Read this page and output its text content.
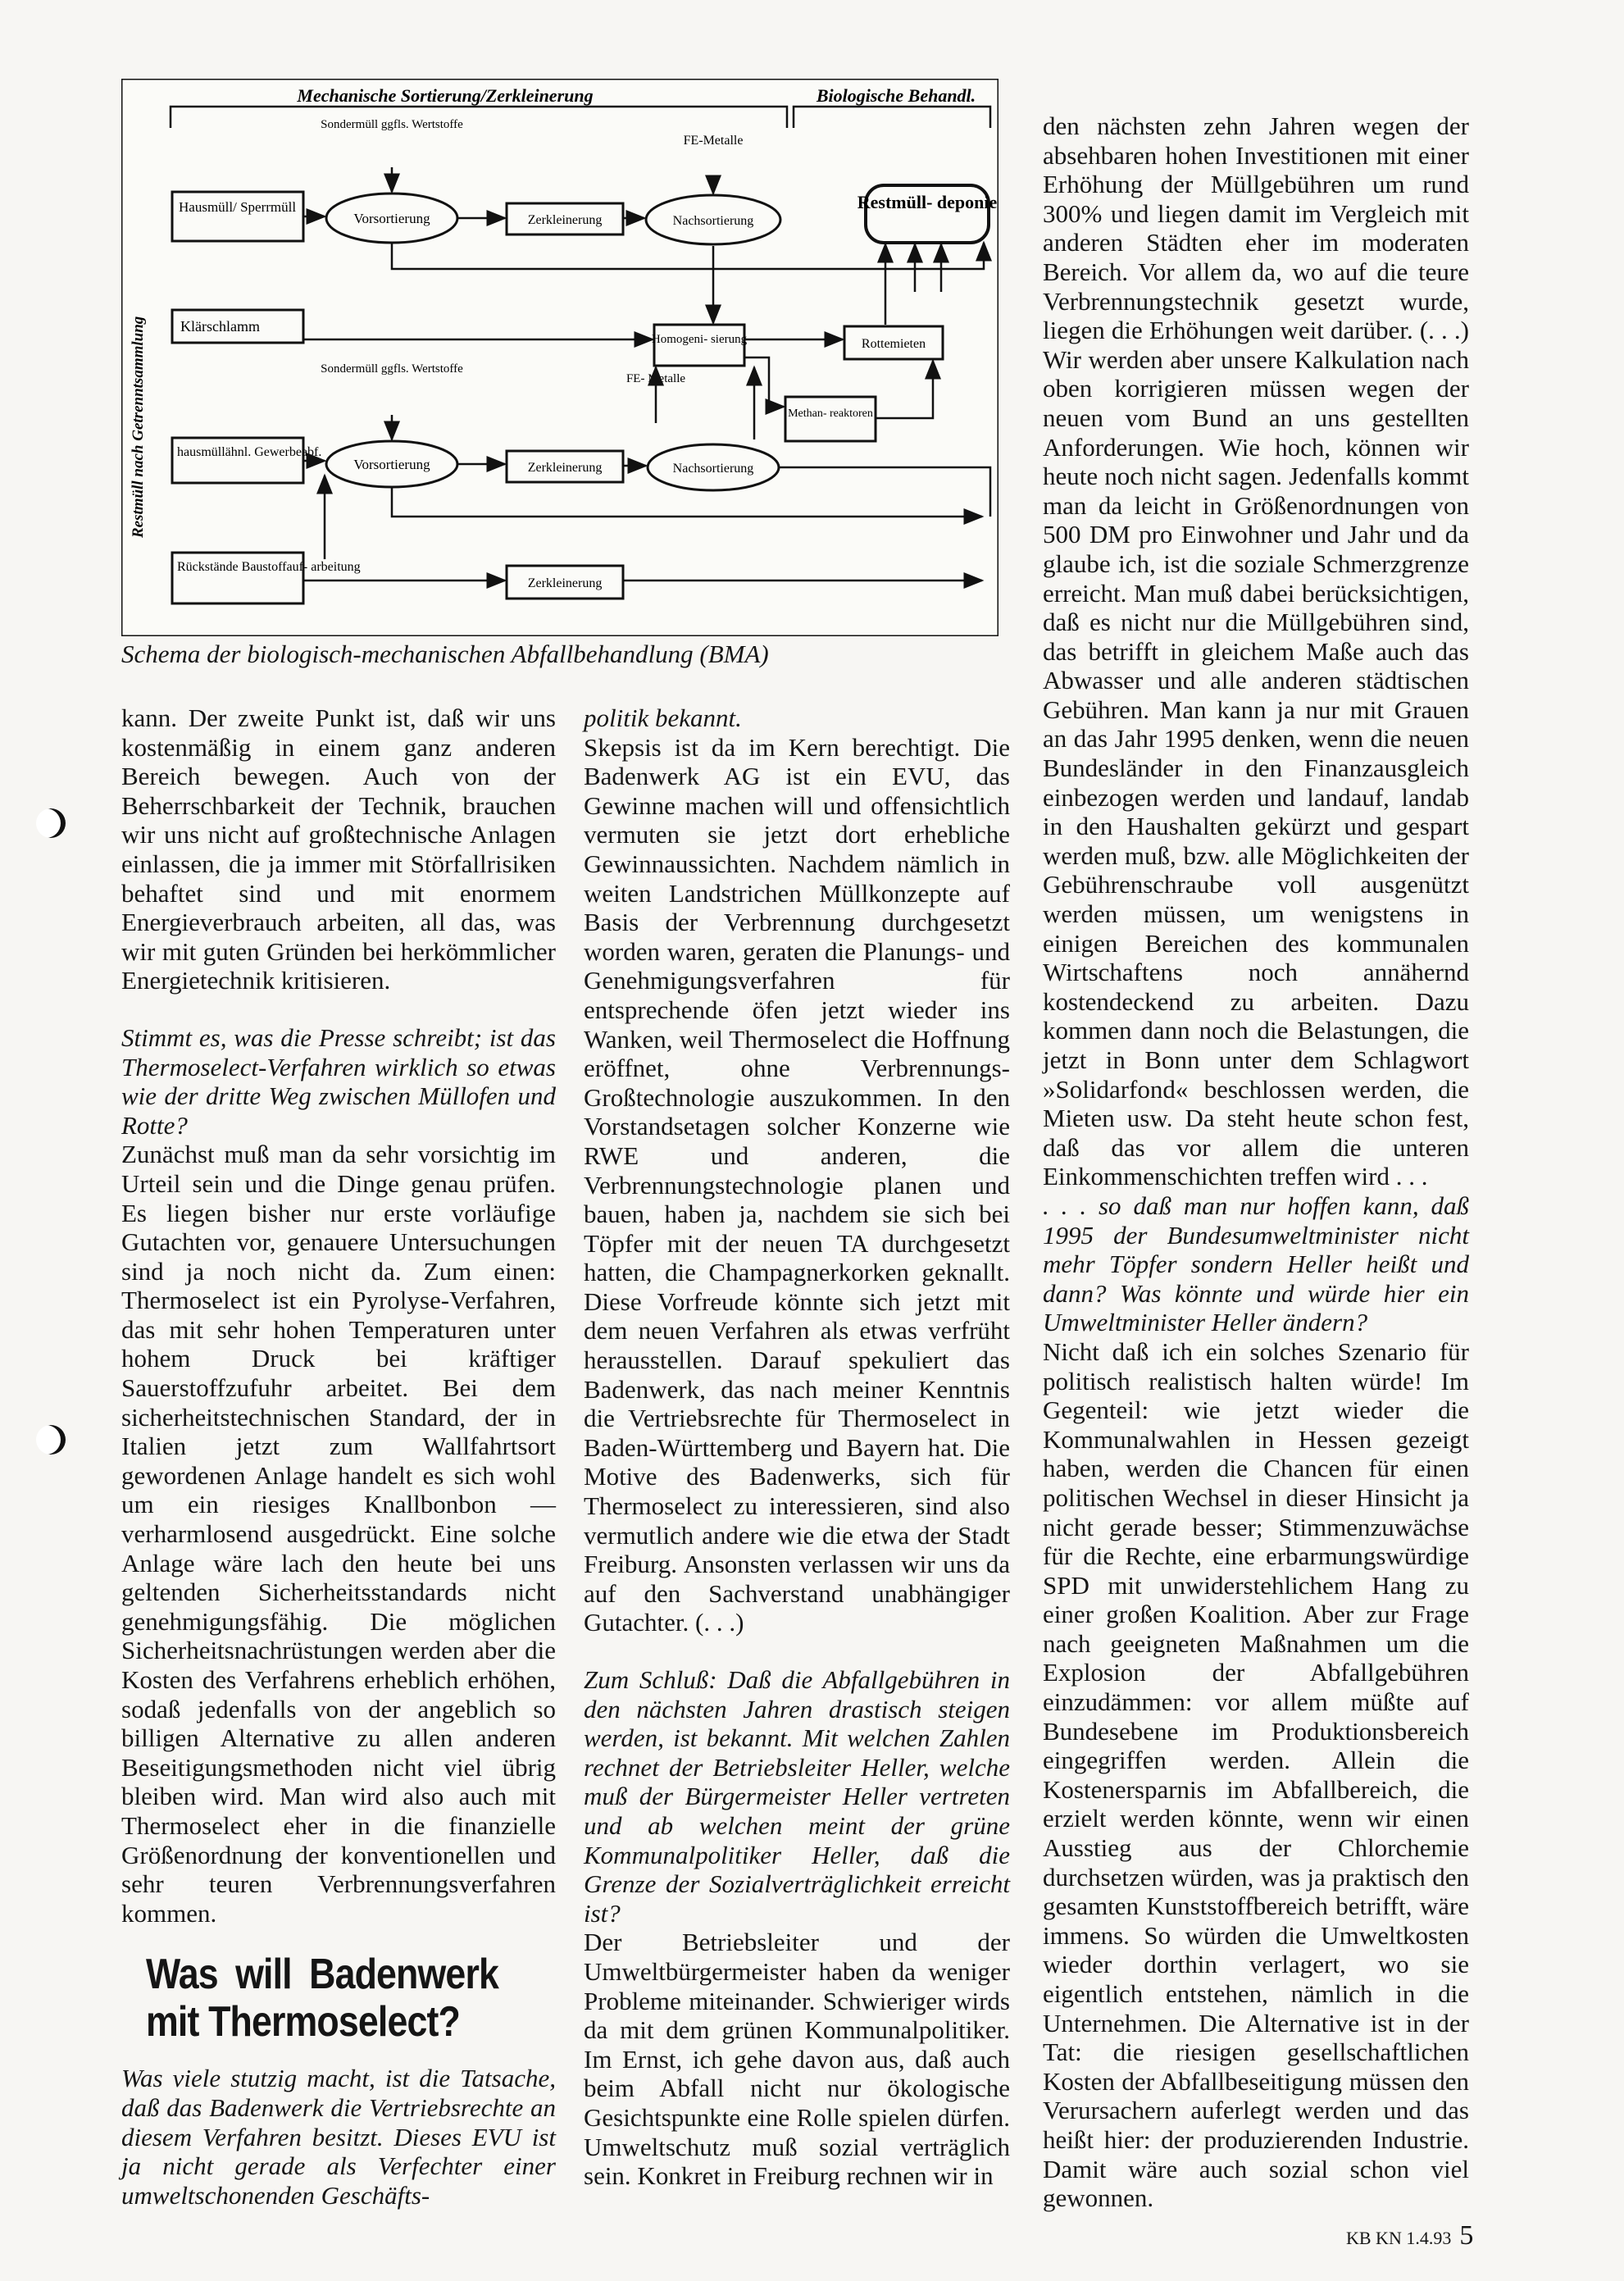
Mechanische Sortierung/Zerkleinerung	Biologische Behandl.
Restmüll nach Getrenntsammlung
Hausmüll/ Sperrmüll
Klärschlamm
hausmüllähnl. Gewerbeabf.
Rückstände Baustoffauf- arbeitung
Vorsortierung	Zerkleinerung	Nachsortierung
Restmüll- deponie
Sondermüll ggfls. Wertstoffe
FE-Metalle
Homogeni- sierung	Rottemieten
Methan- reaktoren
Vorsortierung	Zerkleinerung	Nachsortierung
Zerkleinerung
Sondermüll ggfls. Wertstoffe
FE- Metalle
Schema der biologisch-mechanischen Abfallbehandlung (BMA)

den nächsten zehn Jahren wegen der absehbaren hohen Investitionen mit einer Erhöhung der Müllgebühren um rund 300% und liegen damit im Vergleich mit anderen Städten eher im moderaten Bereich. Vor allem da, wo auf die teure Verbrennungstechnik gesetzt wurde, liegen die Erhöhungen weit darüber. (. . .) Wir werden aber unsere Kalkulation nach oben korrigieren müssen wegen der neuen vom Bund an uns gestellten Anforderungen. Wie hoch, können wir heute noch nicht sagen. Jedenfalls kommt man da leicht in Größenordnungen von 500 DM pro Einwohner und Jahr und da glaube ich, ist die soziale Schmerzgrenze erreicht. Man muß dabei berücksichtigen, daß es nicht nur die Müllgebühren sind, das betrifft in gleichem Maße auch das Abwasser und alle anderen städtischen Gebühren. Man kann ja nur mit Grauen an das Jahr 1995 denken, wenn die neuen Bundesländer in den Finanzausgleich einbezogen werden und landauf, landab in den Haushalten gekürzt und gespart werden muß, bzw. alle Möglichkeiten der Gebührenschraube voll ausgenützt werden müssen, um wenigstens in einigen Bereichen des kommunalen Wirtschaftens noch annähernd kostendeckend zu arbeiten. Dazu kommen dann noch die Belastungen, die jetzt in Bonn unter dem Schlagwort »Solidarfond« beschlossen werden, die Mieten usw. Da steht heute schon fest, daß das vor allem die unteren Einkommenschichten treffen wird . . .

. . . so daß man nur hoffen kann, daß 1995 der Bundesumweltminister nicht mehr Töpfer sondern Heller heißt und dann? Was könnte und würde hier ein Umweltminister Heller ändern?

Nicht daß ich ein solches Szenario für politisch realistisch halten würde! Im Gegenteil: wie jetzt wieder die Kommunalwahlen in Hessen gezeigt haben, werden die Chancen für einen politischen Wechsel in dieser Hinsicht ja nicht gerade besser; Stimmenzuwächse für die Rechte, eine erbarmungswürdige SPD mit unwiderstehlichem Hang zu einer großen Koalition. Aber zur Frage nach geeigneten Maßnahmen um die Explosion der Abfallgebühren einzudämmen: vor allem müßte auf Bundesebene im Produktionsbereich eingegriffen werden. Allein die Kostenersparnis im Abfallbereich, die erzielt werden könnte, wenn wir einen Ausstieg aus der Chlorchemie durchsetzen würden, was ja praktisch den gesamten Kunststoffbereich betrifft, wäre immens. So würden die Umweltkosten wieder dorthin verlagert, wo sie eigentlich entstehen, nämlich in die Unternehmen. Die Alternative ist in der Tat: die riesigen gesellschaftlichen Kosten der Abfallbeseitigung müssen den Verursachern auferlegt werden und das heißt hier: der produzierenden Industrie. Damit wäre auch sozial schon viel gewonnen.

kann. Der zweite Punkt ist, daß wir uns kostenmäßig in einem ganz anderen Bereich bewegen. Auch von der Beherrschbarkeit der Technik, brauchen wir uns nicht auf großtechnische Anlagen einlassen, die ja immer mit Störfallrisiken behaftet sind und mit enormem Energieverbrauch arbeiten, all das, was wir mit guten Gründen bei herkömmlicher Energietechnik kritisieren.

Stimmt es, was die Presse schreibt; ist das Thermoselect-Verfahren wirklich so etwas wie der dritte Weg zwischen Müllofen und Rotte?

Zunächst muß man da sehr vorsichtig im Urteil sein und die Dinge genau prüfen. Es liegen bisher nur erste vorläufige Gutachten vor, genauere Untersuchungen sind ja noch nicht da. Zum einen: Thermoselect ist ein Pyrolyse-Verfahren, das mit sehr hohen Temperaturen unter hohem Druck bei kräftiger Sauerstoffzufuhr arbeitet. Bei dem sicherheitstechnischen Standard, der in Italien jetzt zum Wallfahrtsort gewordenen Anlage handelt es sich wohl um ein riesiges Knallbonbon — verharmlosend ausgedrückt. Eine solche Anlage wäre lach den heute bei uns geltenden Sicherheitsstandards nicht genehmigungsfähig. Die möglichen Sicherheitsnachrüstungen werden aber die Kosten des Verfahrens erheblich erhöhen, sodaß jedenfalls von der angeblich so billigen Alternative zu allen anderen Beseitigungsmethoden nicht viel übrig bleiben wird. Man wird also auch mit Thermoselect eher in die finanzielle Größenordnung der konventionellen und sehr teuren Verbrennungsverfahren kommen.

Was will Badenwerk mit Thermoselect?

Was viele stutzig macht, ist die Tatsache, daß das Badenwerk die Vertriebsrechte an diesem Verfahren besitzt. Dieses EVU ist ja nicht gerade als Verfechter einer umweltschonenden Geschäfts-

politik bekannt.

Skepsis ist da im Kern berechtigt. Die Badenwerk AG ist ein EVU, das Gewinne machen will und offensichtlich vermuten sie jetzt dort erhebliche Gewinnaussichten. Nachdem nämlich in weiten Landstrichen Müllkonzepte auf Basis der Verbrennung durchgesetzt worden waren, geraten die Planungs- und Genehmigungsverfahren für entsprechende öfen jetzt wieder ins Wanken, weil Thermoselect die Hoffnung eröffnet, ohne Verbrennungs-Großtechnologie auszukommen. In den Vorstandsetagen solcher Konzerne wie RWE und anderen, die Verbrennungstechnologie planen und bauen, haben ja, nachdem sie sich bei Töpfer mit der neuen TA durchgesetzt hatten, die Champagnerkorken geknallt. Diese Vorfreude könnte sich jetzt mit dem neuen Verfahren als etwas verfrüht herausstellen. Darauf spekuliert das Badenwerk, das nach meiner Kenntnis die Vertriebsrechte für Thermoselect in Baden-Württemberg und Bayern hat. Die Motive des Badenwerks, sich für Thermoselect zu interessieren, sind also vermutlich andere wie die etwa der Stadt Freiburg. Ansonsten verlassen wir uns da auf den Sachverstand unabhängiger Gutachter. (. . .)

Zum Schluß: Daß die Abfallgebühren in den nächsten Jahren drastisch steigen werden, ist bekannt. Mit welchen Zahlen rechnet der Betriebsleiter Heller, welche muß der Bürgermeister Heller vertreten und ab welchen meint der grüne Kommunalpolitiker Heller, daß die Grenze der Sozialverträglichkeit erreicht ist?

Der Betriebsleiter und der Umweltbürgermeister haben da weniger Probleme miteinander. Schwieriger wirds da mit dem grünen Kommunalpolitiker. Im Ernst, ich gehe davon aus, daß auch beim Abfall nicht nur ökologische Gesichtspunkte eine Rolle spielen dürfen. Umweltschutz muß sozial verträglich sein. Konkret in Freiburg rechnen wir in

KB KN 1.4.93 5
